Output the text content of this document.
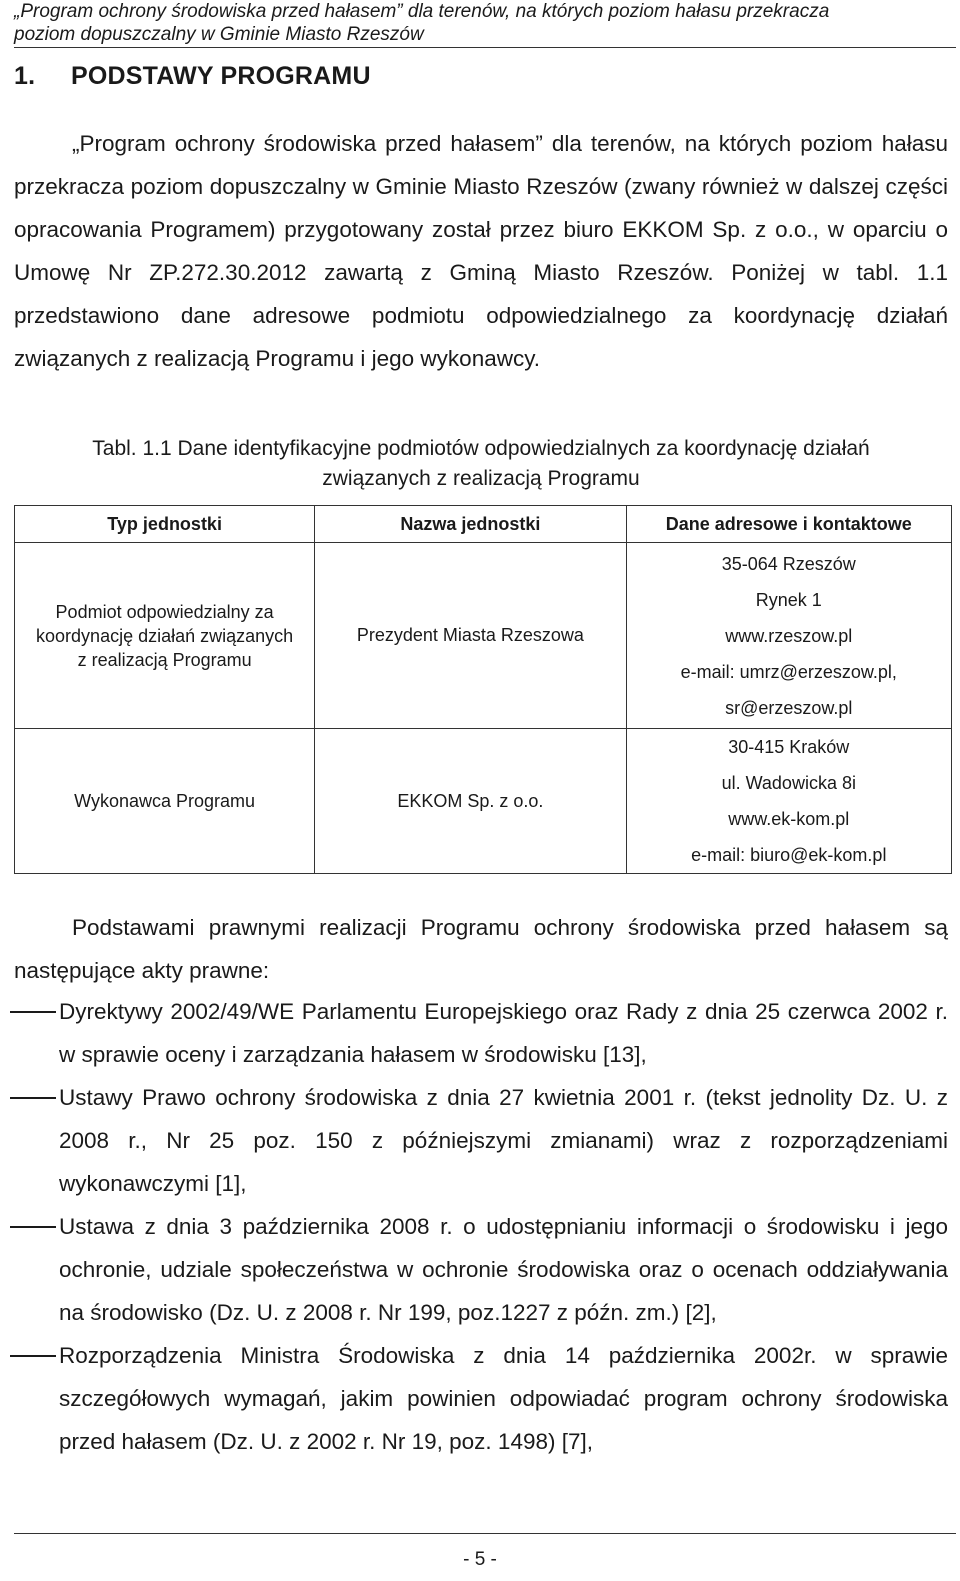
„Program ochrony środowiska przed hałasem” dla terenów, na których poziom hałasu przekracza
poziom dopuszczalny w Gminie Miasto Rzeszów
1. PODSTAWY PROGRAMU
„Program ochrony środowiska przed hałasem” dla terenów, na których poziom hałasu przekracza poziom dopuszczalny w Gminie Miasto Rzeszów (zwany również w dalszej części opracowania Programem) przygotowany został przez biuro EKKOM Sp. z o.o., w oparciu o Umowę Nr ZP.272.30.2012 zawartą z Gminą Miasto Rzeszów. Poniżej w tabl. 1.1 przedstawiono dane adresowe podmiotu odpowiedzialnego za koordynację działań związanych z realizacją Programu i jego wykonawcy.
Tabl. 1.1 Dane identyfikacyjne podmiotów odpowiedzialnych za koordynację działań
związanych z realizacją Programu
Typ jednostki	Nazwa jednostki	Dane adresowe i kontaktowe
Podmiot odpowiedzialny za koordynację działań związanych z realizacją Programu	Prezydent Miasta Rzeszowa	35-064 Rzeszów
Rynek 1
www.rzeszow.pl
e-mail: umrz@erzeszow.pl,
sr@erzeszow.pl

Wykonawca Programu	EKKOM Sp. z o.o.	30-415 Kraków
ul. Wadowicka 8i
www.ek-kom.pl
e-mail: biuro@ek-kom.pl
Podstawami prawnymi realizacji Programu ochrony środowiska przed hałasem są następujące akty prawne:
Dyrektywy 2002/49/WE Parlamentu Europejskiego oraz Rady z dnia 25 czerwca 2002 r. w sprawie oceny i zarządzania hałasem w środowisku [13],
Ustawy Prawo ochrony środowiska z dnia 27 kwietnia 2001 r. (tekst jednolity Dz. U. z 2008 r., Nr 25 poz. 150 z późniejszymi zmianami) wraz z rozporządzeniami wykonawczymi [1],
Ustawa z dnia 3 października 2008 r. o udostępnianiu informacji o środowisku i jego ochronie, udziale społeczeństwa w ochronie środowiska oraz o ocenach oddziaływania na środowisko (Dz. U. z 2008 r. Nr 199, poz.1227 z późn. zm.) [2],
Rozporządzenia Ministra Środowiska z dnia 14 października 2002r. w sprawie szczegółowych wymagań, jakim powinien odpowiadać program ochrony środowiska przed hałasem (Dz. U. z 2002 r. Nr 19, poz. 1498) [7],
- 5 -
